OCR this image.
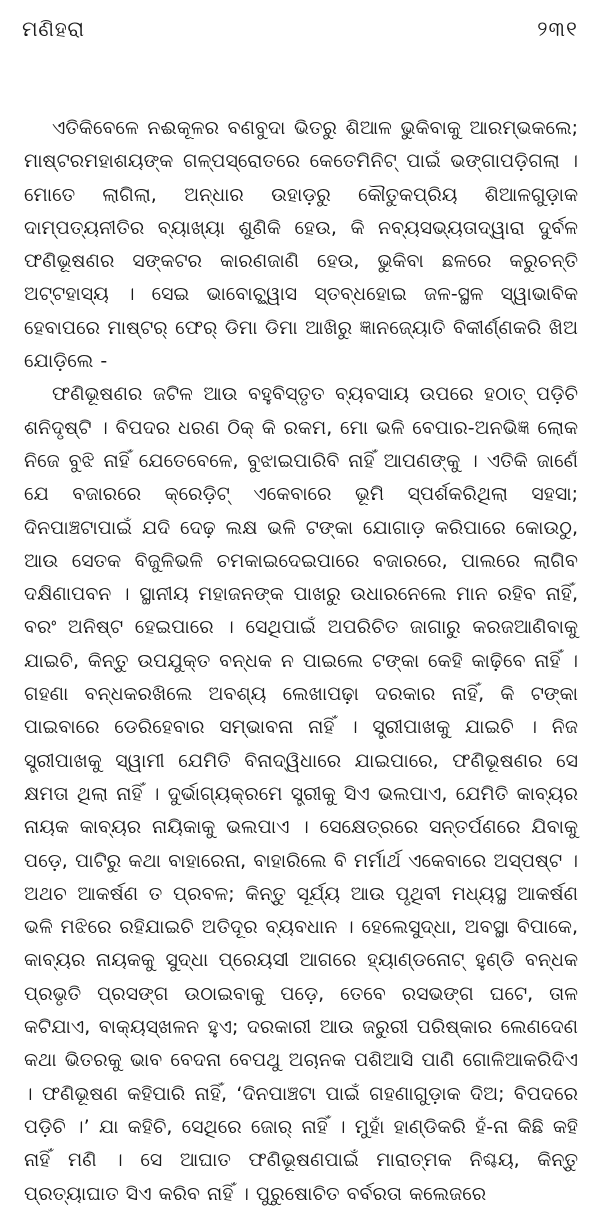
ମଣିହରା	୨୩୧

ଏତିକିବେଳେ ନଈକୂଳର ବଣବୁଦା ଭିତରୁ ଶିଆଳ ଭୁକିବାକୁ ଆରମ୍ଭକଲେ; ମାଷ୍ଟରମହାଶୟଙ୍କ ଗଳ୍ପସ୍ରୋତରେ କେତେମିନିଟ୍ ପାଇଁ ଭଙ୍ଗାପଡ଼ିଗଲା । ମୋତେ ଲାଗିଲା, ଅନ୍ଧାର ଉହାଡ଼ରୁ କୌତୁକପ୍ରିୟ ଶିଆଳଗୁଡ଼ାକ ଦାମ୍ପତ୍ୟନୀତିର ବ୍ୟାଖ୍ୟା ଶୁଣିକି ହେଉ, କି ନବ୍ୟସଭ୍ୟତାଦ୍ୱାରା ଦୁର୍ବଳ ଫଣିଭୂଷଣର ସଙ୍କଟର କାରଣଜାଣି ହେଉ, ଭୁକିବା ଛଳରେ କରୁଚନ୍ତି ଅଟ୍ଟହାସ୍ୟ । ସେଇ ଭାବୋଚ୍ଛ୍ୱାସ ସ୍ତବ୍ଧହୋଇ ଜଳ-ସ୍ଥଳ ସ୍ୱାଭାବିକ ହେବାପରେ ମାଷ୍ଟର୍ ଫେର୍ ଡିମା ଡିମା ଆଖିରୁ ଜ୍ଞାନଜ୍ୟୋତି ବିକୀର୍ଣ୍ଣକରି ଖିଅ ଯୋଡ଼ିଲେ -

ଫଣିଭୂଷଣର ଜଟିଳ ଆଉ ବହୁବିସ୍ତୃତ ବ୍ୟବସାୟ ଉପରେ ହଠାତ୍ ପଡ଼ିଚି ଶନିଦୃଷ୍ଟି । ବିପଦର ଧରଣ ଠିକ୍ କି ରକମ, ମୋ ଭଳି ବେପାର-ଅନଭିଜ୍ଞ ଲୋକ ନିଜେ ବୁଝି ନାହିଁ ଯେତେବେଳେ, ବୁଝାଇପାରିବି ନାହିଁ ଆପଣଙ୍କୁ । ଏତିକି ଜାଣେଁ ଯେ ବଜାରରେ କ୍ରେଡ଼ିଟ୍ ଏକେବାରେ ଭୂମି ସ୍ପର୍ଶକରିଥିଲା ସହସା; ଦିନପାଞ୍ଚଟାପାଇଁ ଯଦି ଦେଢ଼ ଲକ୍ଷ ଭଳି ଟଙ୍କା ଯୋଗାଡ଼ କରିପାରେ କୋଉଠୁ, ଆଉ ସେତକ ବିଜୁଳିଭଳି ଚମକାଇଦେଇପାରେ ବଜାରରେ, ପାଲରେ ଲାଗିବ ଦକ୍ଷିଣାପବନ । ସ୍ଥାନୀୟ ମହାଜନଙ୍କ ପାଖରୁ ଉଧାରନେଲେ ମାନ ରହିବ ନାହିଁ, ବରଂ ଅନିଷ୍ଟ ହେଇପାରେ । ସେଥିପାଇଁ ଅପରିଚିତ ଜାଗାରୁ କରଜଆଣିବାକୁ ଯାଇଚି, କିନ୍ତୁ ଉପଯୁକ୍ତ ବନ୍ଧକ ନ ପାଇଲେ ଟଙ୍କା କେହି କାଢ଼ିବେ ନାହିଁ । ଗହଣା ବନ୍ଧକରଖିଲେ ଅବଶ୍ୟ ଲେଖାପଢ଼ା ଦରକାର ନାହିଁ, କି ଟଙ୍କା ପାଇବାରେ ଡେରିହେବାର ସମ୍ଭାବନା ନାହିଁ । ସ୍ତ୍ରୀପାଖକୁ ଯାଇଚି । ନିଜ ସ୍ତ୍ରୀପାଖକୁ ସ୍ୱାମୀ ଯେମିତି ବିନାଦ୍ୱିଧାରେ ଯାଇପାରେ, ଫଣିଭୂଷଣର ସେ କ୍ଷମତା ଥିଲା ନାହିଁ । ଦୁର୍ଭାଗ୍ୟକ୍ରମେ ସ୍ତ୍ରୀକୁ ସିଏ ଭଲପାଏ, ଯେମିତି କାବ୍ୟର ନାୟକ କାବ୍ୟର ନାୟିକାକୁ ଭଲପାଏ । ସେକ୍ଷେତ୍ରରେ ସନ୍ତର୍ପଣରେ ଯିବାକୁ ପଡ଼େ, ପାଟିରୁ କଥା ବାହାରେନା, ବାହାରିଲେ ବି ମର୍ମାର୍ଥ ଏକେବାରେ ଅସ୍ପଷ୍ଟ । ଅଥଚ ଆକର୍ଷଣ ତ ପ୍ରବଳ; କିନ୍ତୁ ସୂର୍ଯ୍ୟ ଆଉ ପୃଥିବୀ ମଧ୍ୟସ୍ଥ ଆକର୍ଷଣ ଭଳି ମଝିରେ ରହିଯାଇଚି ଅତିଦୂର ବ୍ୟବଧାନ । ହେଲେସୁଦ୍ଧା, ଅବସ୍ଥା ବିପାକେ, କାବ୍ୟର ନାୟକକୁ ସୁଦ୍ଧା ପ୍ରେୟସୀ ଆଗରେ ହ୍ୟାଣ୍ଡନୋଟ୍ ହୁଣ୍ଡି ବନ୍ଧକ ପ୍ରଭୃତି ପ୍ରସଙ୍ଗ ଉଠାଇବାକୁ ପଡ଼େ, ତେବେ ରସଭଙ୍ଗ ଘଟେ, ତାଳ କଟିଯାଏ, ବାକ୍ୟସ୍ଖଳନ ହୁଏ; ଦରକାରୀ ଆଉ ଜରୁରୀ ପରିଷ୍କାର ଲେଣଦେଣ କଥା ଭିତରକୁ ଭାବ ବେଦନା ବେପଥୁ ଅଚାନକ ପଶିଆସି ପାଣି ଗୋଳିଆକରିଦିଏ । ଫଣିଭୂଷଣ କହିପାରି ନାହିଁ, ‘ଦିନପାଞ୍ଚଟା ପାଇଁ ଗହଣାଗୁଡ଼ାକ ଦିଅ; ବିପଦରେ ପଡ଼ିଚି ।’ ଯା କହିଚି, ସେଥିରେ ଜୋର୍ ନାହିଁ । ମୁହାଁ ହାଣ୍ଡିକରି ହଁ-ନା କିଛି କହି ନାହିଁ ମଣି । ସେ ଆଘାତ ଫଣିଭୂଷଣପାଇଁ ମାରାତ୍ମକ ନିଶ୍ଚୟ, କିନ୍ତୁ ପ୍ରତ୍ୟାଘାତ ସିଏ କରିବ ନାହିଁ । ପୁରୁଷୋଚିତ ବର୍ବରତା କଲେଜରେ
